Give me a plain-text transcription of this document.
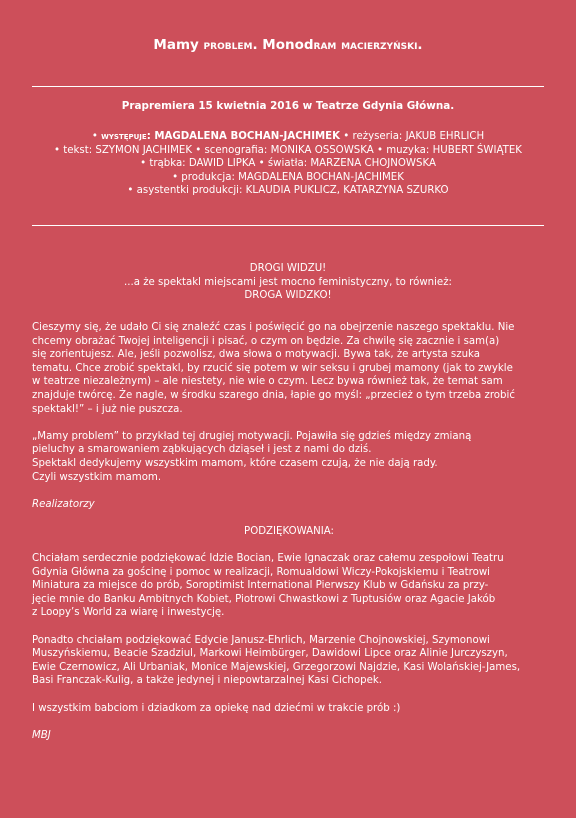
Mamy problem. Monodram macierzyński.
Prapremiera 15 kwietnia 2016 w Teatrze Gdynia Główna.
• występuje: MAGDALENA BOCHAN-JACHIMEK • reżyseria: JAKUB EHRLICH
• tekst: SZYMON JACHIMEK • scenografia: MONIKA OSSOWSKA • muzyka: HUBERT ŚWIĄTEK
• trąbka: DAWID LIPKA • światła: MARZENA CHOJNOWSKA
• produkcja: MAGDALENA BOCHAN-JACHIMEK
• asystentki produkcji: KLAUDIA PUKLICZ, KATARZYNA SZURKO
DROGI WIDZU!
...a że spektakl miejscami jest mocno feministyczny, to również:
DROGA WIDZKO!
Cieszymy się, że udało Ci się znaleźć czas i poświęcić go na obejrzenie naszego spektaklu. Nie
chcemy obrażać Twojej inteligencji i pisać, o czym on będzie. Za chwilę się zacznie i sam(a)
się zorientujesz. Ale, jeśli pozwolisz, dwa słowa o motywacji. Bywa tak, że artysta szuka
tematu. Chce zrobić spektakl, by rzucić się potem w wir seksu i grubej mamony (jak to zwykle
w teatrze niezależnym) – ale niestety, nie wie o czym. Lecz bywa również tak, że temat sam
znajduje twórcę. Że nagle, w środku szarego dnia, łapie go myśl: „przecież o tym trzeba zrobić
spektakl!” – i już nie puszcza.
„Mamy problem” to przykład tej drugiej motywacji. Pojawiła się gdzieś między zmianą
pieluchy a smarowaniem ząbkujących dziąseł i jest z nami do dziś.
Spektakl dedykujemy wszystkim mamom, które czasem czują, że nie dają rady.
Czyli wszystkim mamom.
Realizatorzy
PODZIĘKOWANIA:
Chciałam serdecznie podziękować Idzie Bocian, Ewie Ignaczak oraz całemu zespołowi Teatru
Gdynia Główna za gościnę i pomoc w realizacji, Romualdowi Wiczy-Pokojskiemu i Teatrowi
Miniatura za miejsce do prób, Soroptimist International Pierwszy Klub w Gdańsku za przy-
jęcie mnie do Banku Ambitnych Kobiet, Piotrowi Chwastkowi z Tuptusiów oraz Agacie Jakób
z Loopy’s World za wiarę i inwestycję.
Ponadto chciałam podziękować Edycie Janusz-Ehrlich, Marzenie Chojnowskiej, Szymonowi
Muszyńskiemu, Beacie Szadziul, Markowi Heimbürger, Dawidowi Lipce oraz Alinie Jurczyszyn,
Ewie Czernowicz, Ali Urbaniak, Monice Majewskiej, Grzegorzowi Najdzie, Kasi Wolańskiej-James,
Basi Franczak-Kulig, a także jedynej i niepowtarzalnej Kasi Cichopek.
I wszystkim babciom i dziadkom za opiekę nad dziećmi w trakcie prób :)
MBJ
